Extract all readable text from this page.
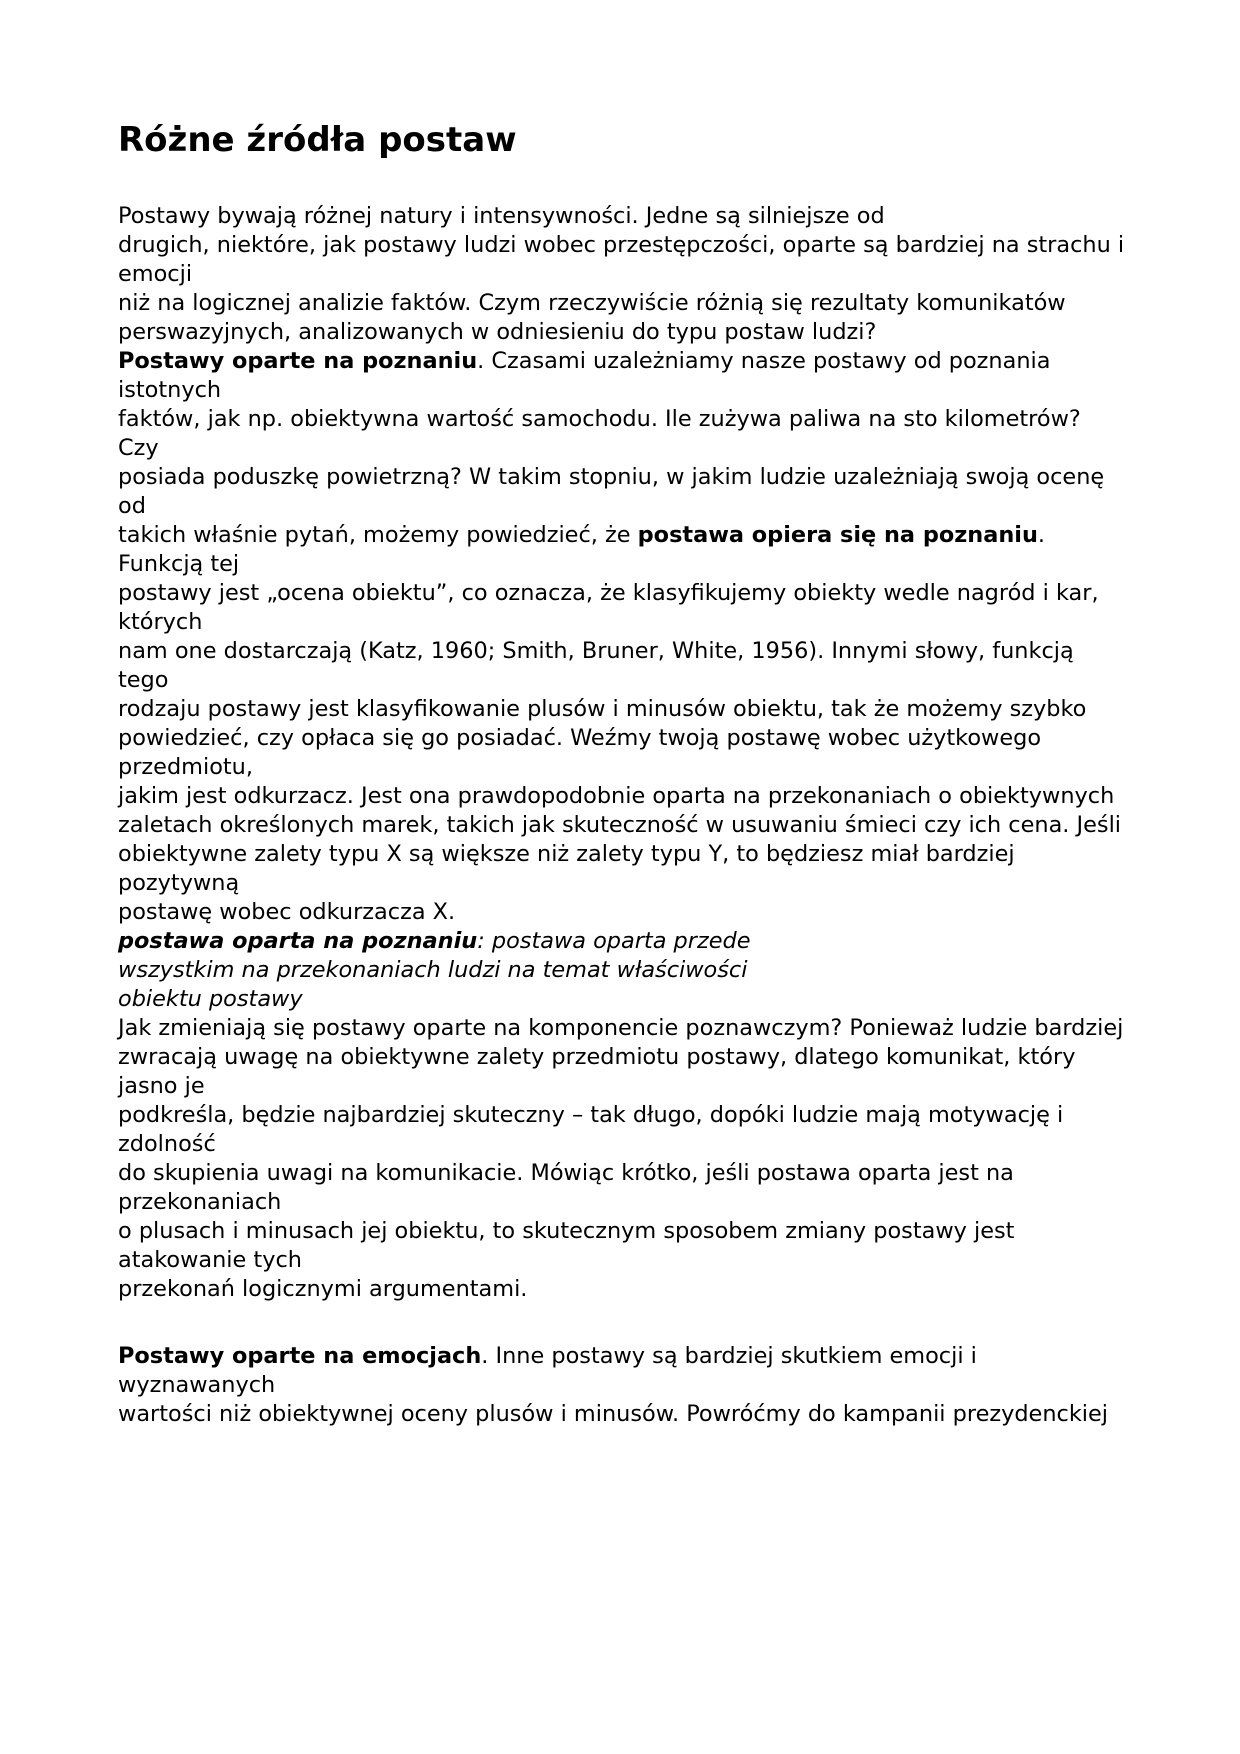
Różne źródła postaw
Postawy bywają różnej natury i intensywności. Jedne są silniejsze od
drugich, niektóre, jak postawy ludzi wobec przestępczości, oparte są bardziej na strachu i emocji
niż na logicznej analizie faktów. Czym rzeczywiście różnią się rezultaty komunikatów
perswazyjnych, analizowanych w odniesieniu do typu postaw ludzi?
Postawy oparte na poznaniu. Czasami uzależniamy nasze postawy od poznania istotnych
faktów, jak np. obiektywna wartość samochodu. Ile zużywa paliwa na sto kilometrów? Czy
posiada poduszkę powietrzną? W takim stopniu, w jakim ludzie uzależniają swoją ocenę od
takich właśnie pytań, możemy powiedzieć, że postawa opiera się na poznaniu. Funkcją tej
postawy jest „ocena obiektu”, co oznacza, że klasyfikujemy obiekty wedle nagród i kar, których
nam one dostarczają (Katz, 1960; Smith, Bruner, White, 1956). Innymi słowy, funkcją tego
rodzaju postawy jest klasyfikowanie plusów i minusów obiektu, tak że możemy szybko
powiedzieć, czy opłaca się go posiadać. Weźmy twoją postawę wobec użytkowego przedmiotu,
jakim jest odkurzacz. Jest ona prawdopodobnie oparta na przekonaniach o obiektywnych
zaletach określonych marek, takich jak skuteczność w usuwaniu śmieci czy ich cena. Jeśli
obiektywne zalety typu X są większe niż zalety typu Y, to będziesz miał bardziej pozytywną
postawę wobec odkurzacza X.
postawa oparta na poznaniu: postawa oparta przede
wszystkim na przekonaniach ludzi na temat właściwości
obiektu postawy
Jak zmieniają się postawy oparte na komponencie poznawczym? Ponieważ ludzie bardziej
zwracają uwagę na obiektywne zalety przedmiotu postawy, dlatego komunikat, który jasno je
podkreśla, będzie najbardziej skuteczny – tak długo, dopóki ludzie mają motywację i zdolność
do skupienia uwagi na komunikacie. Mówiąc krótko, jeśli postawa oparta jest na przekonaniach
o plusach i minusach jej obiektu, to skutecznym sposobem zmiany postawy jest atakowanie tych
przekonań logicznymi argumentami.
Postawy oparte na emocjach. Inne postawy są bardziej skutkiem emocji i wyznawanych
wartości niż obiektywnej oceny plusów i minusów. Powróćmy do kampanii prezydenckiej
